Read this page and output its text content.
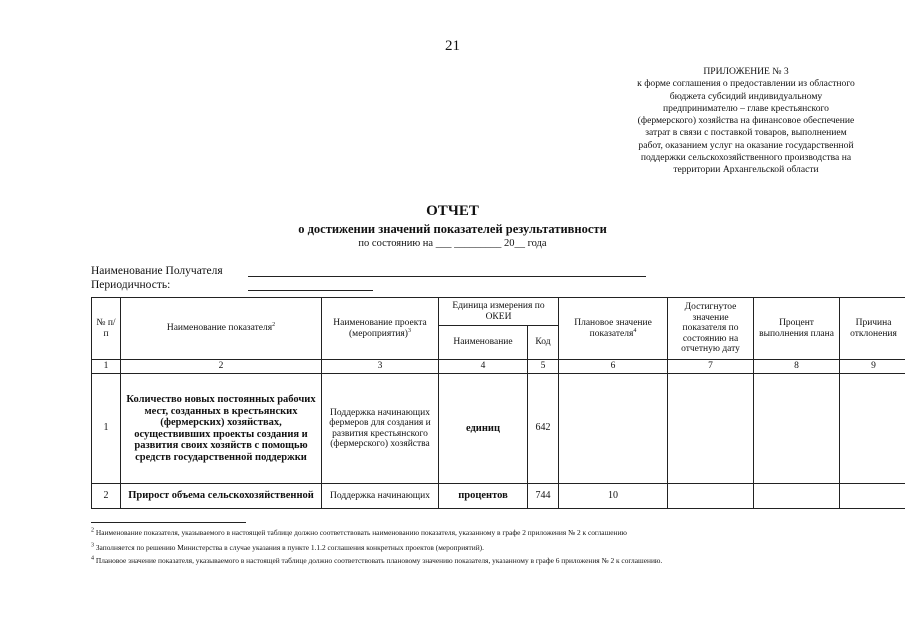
21
ПРИЛОЖЕНИЕ № 3
к форме соглашения о предоставлении из областного
бюджета субсидий индивидуальному
предпринимателю – главе крестьянского
(фермерского) хозяйства на финансовое обеспечение
затрат в связи с поставкой товаров, выполнением
работ, оказанием услуг на оказание государственной
поддержки сельскохозяйственного производства на
территории Архангельской области
ОТЧЕТ
о достижении значений показателей результативности
по состоянию на ___ _________ 20__ года
Наименование Получателя
Периодичность:
№ п/п	Наименование показателя$^2$	Наименование проекта (мероприятия)$^3$	Единица измерения по ОКЕИ		Плановое значение показателя$^4$	Достигнутое значение показателя по состоянию на отчетную дату	Процент выполнения плана	Причина отклонения
			Наименование	Код				
1	2	3	4	5	6	7	8	9
1	Количество новых постоянных рабочих мест, созданных в крестьянских (фермерских) хозяйствах, осуществивших проекты создания и развития своих хозяйств с помощью средств государственной поддержки	Поддержка начинающих фермеров для создания и развития крестьянского (фермерского) хозяйства	единиц	642				
2	Прирост объема сельскохозяйственной	Поддержка начинающих	процентов	744	10			
$^2$ Наименование показателя, указываемого в настоящей таблице должно соответствовать наименованию показателя, указанному в графе 2 приложения № 2 к соглашению
$^3$ Заполняется по решению Министерства в случае указания в пункте 1.1.2 соглашения конкретных проектов (мероприятий).
$^4$ Плановое значение показателя, указываемого в настоящей таблице должно соответствовать плановому значению показателя, указанному в графе 6 приложения № 2 к соглашению.
